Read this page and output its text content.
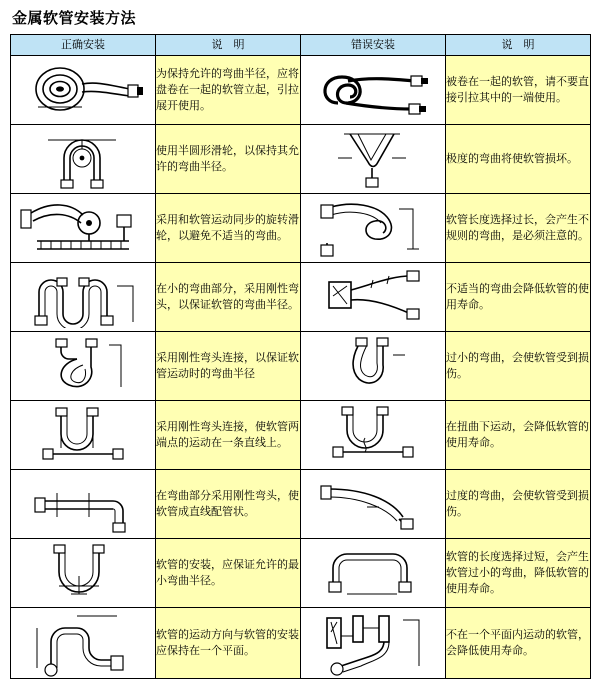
金属软管安装方法
正确安装	说　明	错误安装	说　明

	为保持允许的弯曲半径，应将盘卷在一起的软管立起，引拉展开使用。		被卷在一起的软管，请不要直接引拉其中的一端使用。

	使用半圆形滑轮，以保持其允许的弯曲半径。		极度的弯曲将使软管损坏。

	采用和软管运动同步的旋转滑轮，以避免不适当的弯曲。		软管长度选择过长，会产生不规则的弯曲，是必须注意的。

	在小的弯曲部分，采用刚性弯头，以保证软管的弯曲半径。		不适当的弯曲会降低软管的使用寿命。

	采用刚性弯头连接，以保证软管运动时的弯曲半径		过小的弯曲，会使软管受到损伤。

	采用刚性弯头连接，使软管两端点的运动在一条直线上。		在扭曲下运动，会降低软管的使用寿命。

	在弯曲部分采用刚性弯头，使软管成直线配管状。		过度的弯曲，会使软管受到损伤。

	软管的安装，应保证允许的最小弯曲半径。		软管的长度选择过短，会产生软管过小的弯曲，降低软管的使用寿命。

	软管的运动方向与软管的安装应保持在一个平面。		不在一个平面内运动的软管，会降低使用寿命。
